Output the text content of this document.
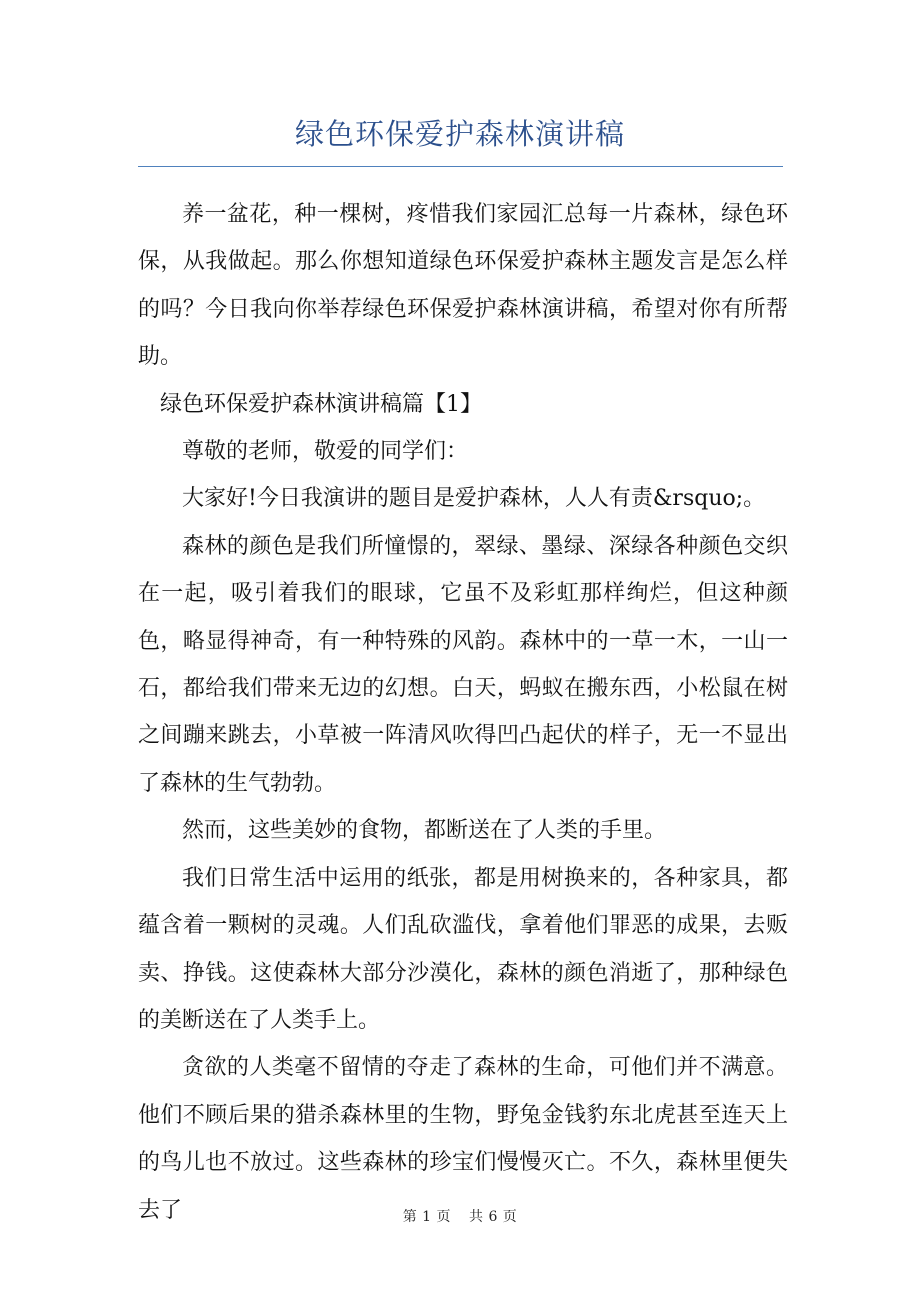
绿色环保爱护森林演讲稿

养一盆花，种一棵树，疼惜我们家园汇总每一片森林，绿色环保，从我做起。那么你想知道绿色环保爱护森林主题发言是怎么样的吗？今日我向你举荐绿色环保爱护森林演讲稿，希望对你有所帮助。

绿色环保爱护森林演讲稿篇【1】

尊敬的老师，敬爱的同学们：

大家好!今日我演讲的题目是爱护森林，人人有责&rsquo;。

森林的颜色是我们所憧憬的，翠绿、墨绿、深绿各种颜色交织在一起，吸引着我们的眼球，它虽不及彩虹那样绚烂，但这种颜色，略显得神奇，有一种特殊的风韵。森林中的一草一木，一山一石，都给我们带来无边的幻想。白天，蚂蚁在搬东西，小松鼠在树之间蹦来跳去，小草被一阵清风吹得凹凸起伏的样子，无一不显出了森林的生气勃勃。

然而，这些美妙的食物，都断送在了人类的手里。

我们日常生活中运用的纸张，都是用树换来的，各种家具，都蕴含着一颗树的灵魂。人们乱砍滥伐，拿着他们罪恶的成果，去贩卖、挣钱。这使森林大部分沙漠化，森林的颜色消逝了，那种绿色的美断送在了人类手上。

贪欲的人类毫不留情的夺走了森林的生命，可他们并不满意。他们不顾后果的猎杀森林里的生物，野兔金钱豹东北虎甚至连天上的鸟儿也不放过。这些森林的珍宝们慢慢灭亡。不久，森林里便失去了	第 1 页 共 6 页
